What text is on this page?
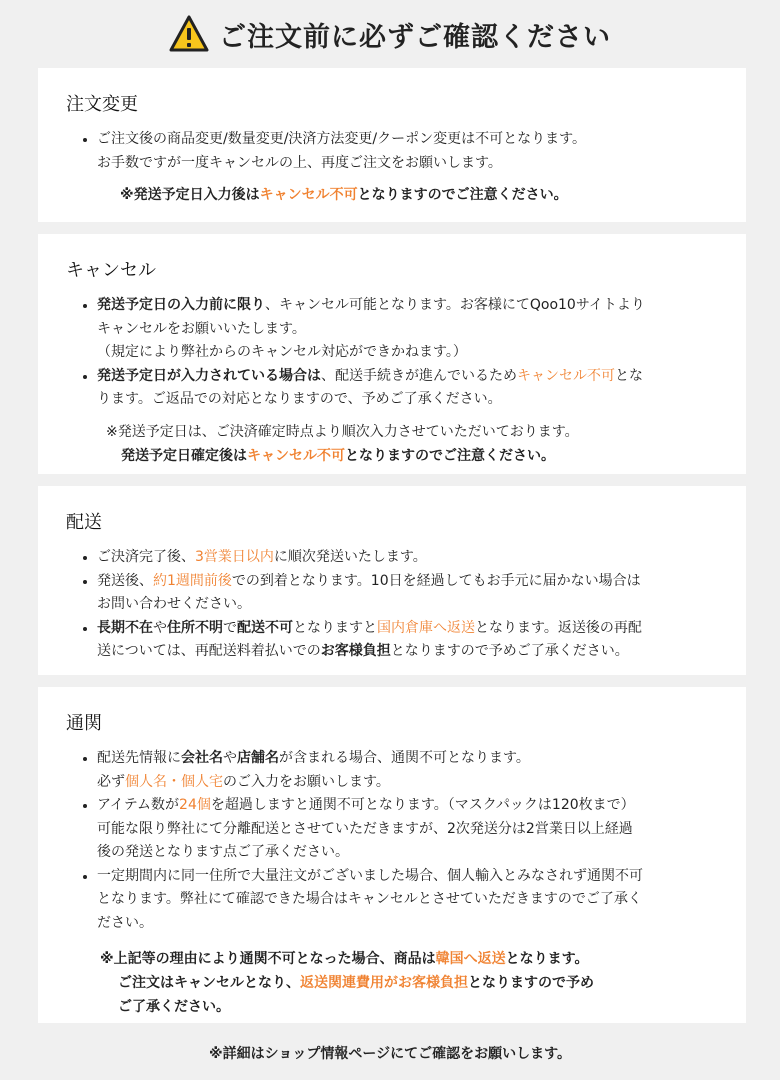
ご注文前に必ずご確認ください
注文変更
• ご注文後の商品変更/数量変更/決済方法変更/クーポン変更は不可となります。
お手数ですが一度キャンセルの上、再度ご注文をお願いします。
※発送予定日入力後はキャンセル不可となりますのでご注意ください。
キャンセル
• 発送予定日の入力前に限り、キャンセル可能となります。お客様にてQoo10サイトより
キャンセルをお願いいたします。
（規定により弊社からのキャンセル対応ができかねます。）
• 発送予定日が入力されている場合は、配送手続きが進んでいるためキャンセル不可とな
ります。ご返品での対応となりますので、予めご了承ください。
※発送予定日は、ご決済確定時点より順次入力させていただいております。
発送予定日確定後はキャンセル不可となりますのでご注意ください。
配送
• ご決済完了後、3営業日以内に順次発送いたします。
• 発送後、約1週間前後での到着となります。10日を経過してもお手元に届かない場合は
お問い合わせください。
• 長期不在や住所不明で配送不可となりますと国内倉庫へ返送となります。返送後の再配
送については、再配送料着払いでのお客様負担となりますので予めご了承ください。
通関
• 配送先情報に会社名や店舗名が含まれる場合、通関不可となります。
必ず個人名・個人宅のご入力をお願いします。
• アイテム数が24個を超過しますと通関不可となります。（マスクパックは120枚まで）
可能な限り弊社にて分離配送とさせていただきますが、2次発送分は2営業日以上経過
後の発送となります点ご了承ください。
• 一定期間内に同一住所で大量注文がございました場合、個人輸入とみなされず通関不可
となります。弊社にて確認できた場合はキャンセルとさせていただきますのでご了承く
ださい。
※上記等の理由により通関不可となった場合、商品は韓国へ返送となります。
ご注文はキャンセルとなり、返送関連費用がお客様負担となりますので予め
ご了承ください。
※詳細はショップ情報ページにてご確認をお願いします。
